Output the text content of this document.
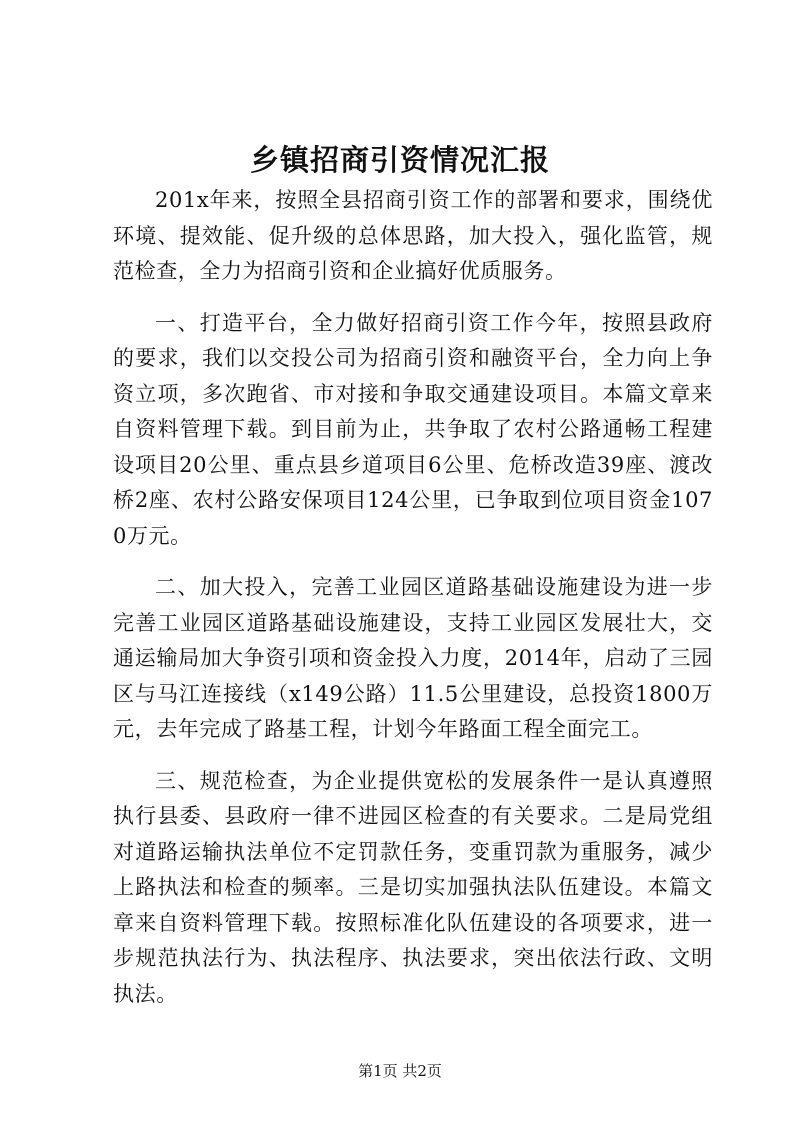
乡镇招商引资情况汇报

201x年来，按照全县招商引资工作的部署和要求，围绕优环境、提效能、促升级的总体思路，加大投入，强化监管，规范检查，全力为招商引资和企业搞好优质服务。

一、打造平台，全力做好招商引资工作今年，按照县政府的要求，我们以交投公司为招商引资和融资平台，全力向上争资立项，多次跑省、市对接和争取交通建设项目。本篇文章来自资料管理下载。到目前为止，共争取了农村公路通畅工程建设项目20公里、重点县乡道项目6公里、危桥改造39座、渡改桥2座、农村公路安保项目124公里，已争取到位项目资金1070万元。

二、加大投入，完善工业园区道路基础设施建设为进一步完善工业园区道路基础设施建设，支持工业园区发展壮大，交通运输局加大争资引项和资金投入力度，2014年，启动了三园区与马江连接线（x149公路）11.5公里建设，总投资1800万元，去年完成了路基工程，计划今年路面工程全面完工。

三、规范检查，为企业提供宽松的发展条件一是认真遵照执行县委、县政府一律不进园区检查的有关要求。二是局党组对道路运输执法单位不定罚款任务，变重罚款为重服务，减少上路执法和检查的频率。三是切实加强执法队伍建设。本篇文章来自资料管理下载。按照标准化队伍建设的各项要求，进一步规范执法行为、执法程序、执法要求，突出依法行政、文明执法。

第1页 共2页
